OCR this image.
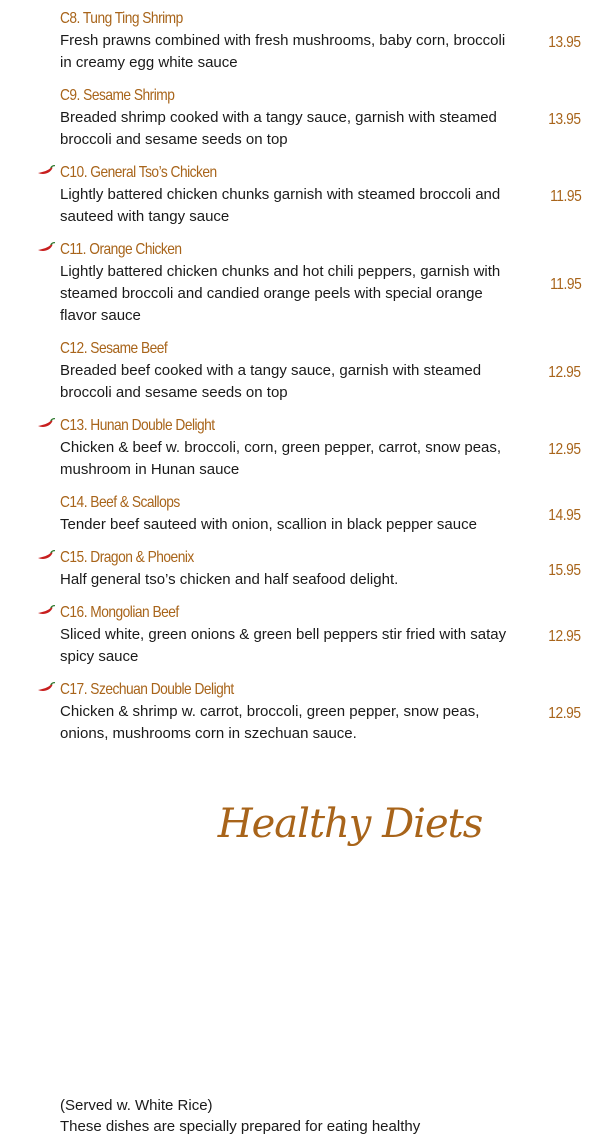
C8. Tung Ting Shrimp
Fresh prawns combined with fresh mushrooms, baby corn, broccoli in creamy egg white sauce
13.95
C9. Sesame Shrimp
Breaded shrimp cooked with a tangy sauce, garnish with steamed broccoli and sesame seeds on top
13.95
C10. General Tso’s Chicken
Lightly battered chicken chunks garnish with steamed broccoli and sauteed with tangy sauce
11.95
C11. Orange Chicken
Lightly battered chicken chunks and hot chili peppers, garnish with steamed broccoli and candied orange peels with special orange flavor sauce
11.95
C12. Sesame Beef
Breaded beef cooked with a tangy sauce, garnish with steamed broccoli and sesame seeds on top
12.95
C13. Hunan Double Delight
Chicken & beef w. broccoli, corn, green pepper, carrot, snow peas, mushroom in Hunan sauce
12.95
C14. Beef & Scallops
Tender beef sauteed with onion, scallion in black pepper sauce
14.95
C15. Dragon & Phoenix
Half general tso’s chicken and half seafood delight.
15.95
C16. Mongolian Beef
Sliced white, green onions & green bell peppers stir fried with satay spicy sauce
12.95
C17. Szechuan Double Delight
Chicken & shrimp w. carrot, broccoli, green pepper, snow peas, onions, mushrooms corn in szechuan sauce.
12.95
Healthy Diets
(Served w. White Rice)
These dishes are specially prepared for eating healthy
